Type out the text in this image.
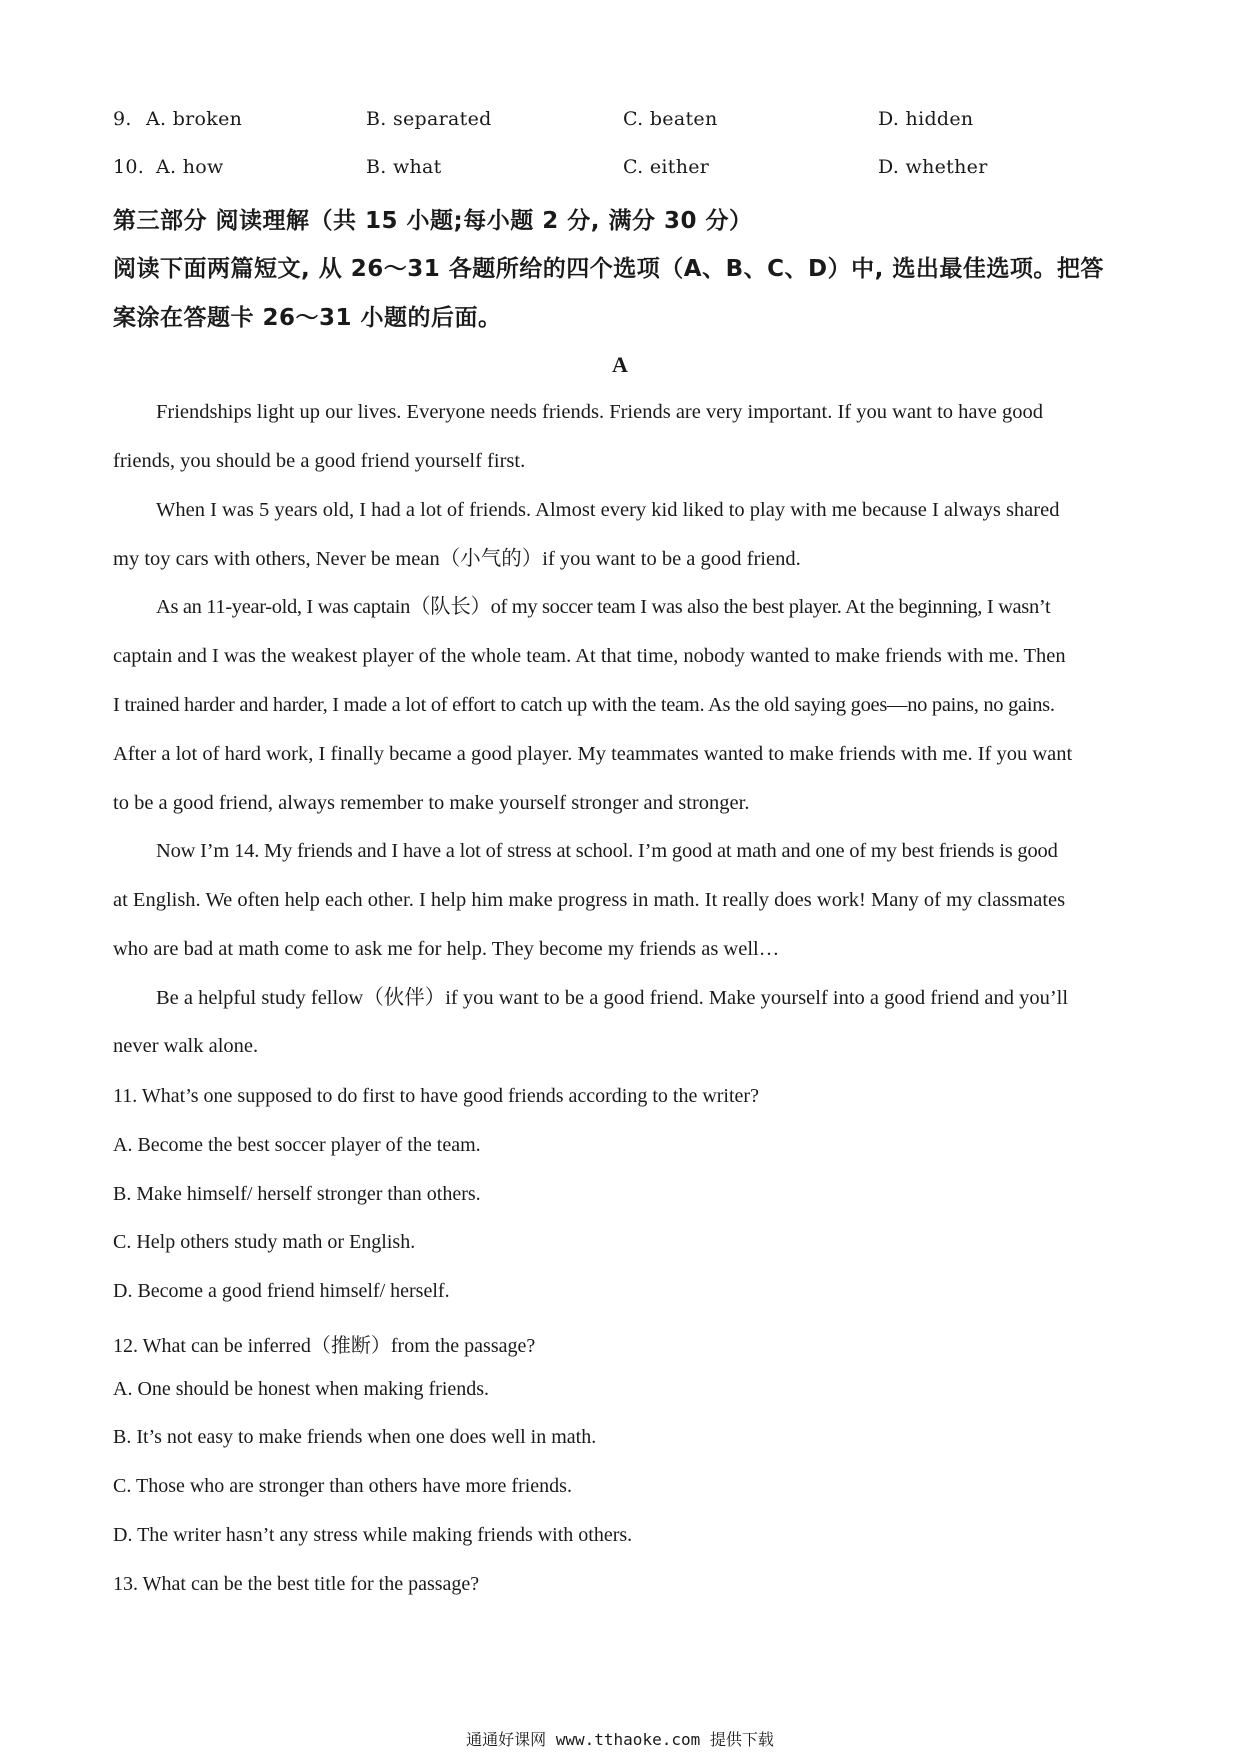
9. A. broken	B. separated	C. beaten	D. hidden
10. A. how	B. what	C. either	D. whether
第三部分 阅读理解（共 15 小题;每小题 2 分, 满分 30 分）
阅读下面两篇短文, 从 26～31 各题所给的四个选项（A、B、C、D）中, 选出最佳选项。把答
案涂在答题卡 26～31 小题的后面。
A
Friendships light up our lives. Everyone needs friends. Friends are very important. If you want to have good
friends, you should be a good friend yourself first.
When I was 5 years old, I had a lot of friends. Almost every kid liked to play with me because I always shared
my toy cars with others, Never be mean（小气的）if you want to be a good friend.
As an 11-year-old, I was captain（队长）of my soccer team I was also the best player. At the beginning, I wasn’t
captain and I was the weakest player of the whole team. At that time, nobody wanted to make friends with me. Then
I trained harder and harder, I made a lot of effort to catch up with the team. As the old saying goes—no pains, no gains.
After a lot of hard work, I finally became a good player. My teammates wanted to make friends with me. If you want
to be a good friend, always remember to make yourself stronger and stronger.
Now I’m 14. My friends and I have a lot of stress at school. I’m good at math and one of my best friends is good
at English. We often help each other. I help him make progress in math. It really does work! Many of my classmates
who are bad at math come to ask me for help. They become my friends as well…
Be a helpful study fellow（伙伴）if you want to be a good friend. Make yourself into a good friend and you’ll
never walk alone.
11. What’s one supposed to do first to have good friends according to the writer?
A. Become the best soccer player of the team.
B. Make himself/ herself stronger than others.
C. Help others study math or English.
D. Become a good friend himself/ herself.
12. What can be inferred（推断）from the passage?
A. One should be honest when making friends.
B. It’s not easy to make friends when one does well in math.
C. Those who are stronger than others have more friends.
D. The writer hasn’t any stress while making friends with others.
13. What can be the best title for the passage?
通通好课网 www.tthaoke.com 提供下载
